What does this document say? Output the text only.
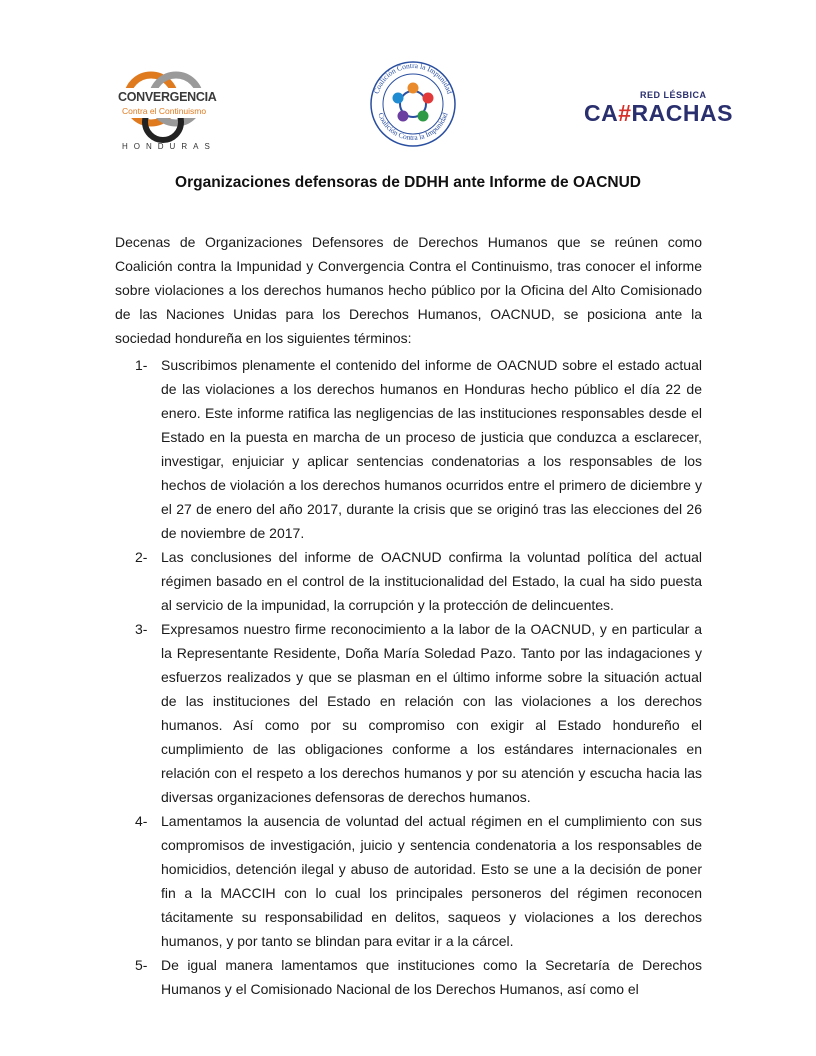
CONVERGENCIA
Contra el Continuismo
HONDURAS
Coalición Contra la Impunidad
Coalición Contra la Impunidad
RED LÉSBICA
CA#RACHAS
Organizaciones defensoras de DDHH ante Informe de OACNUD

Decenas de Organizaciones Defensores de Derechos Humanos que se reúnen como Coalición contra la Impunidad y Convergencia Contra el Continuismo, tras conocer el informe sobre violaciones a los derechos humanos hecho público por la Oficina del Alto Comisionado de las Naciones Unidas para los Derechos Humanos, OACNUD, se posiciona ante la sociedad hondureña en los siguientes términos:

1- Suscribimos plenamente el contenido del informe de OACNUD sobre el estado actual de las violaciones a los derechos humanos en Honduras hecho público el día 22 de enero. Este informe ratifica las negligencias de las instituciones responsables desde el Estado en la puesta en marcha de un proceso de justicia que conduzca a esclarecer, investigar, enjuiciar y aplicar sentencias condenatorias a los responsables de los hechos de violación a los derechos humanos ocurridos entre el primero de diciembre y el 27 de enero del año 2017, durante la crisis que se originó tras las elecciones del 26 de noviembre de 2017.
2- Las conclusiones del informe de OACNUD confirma la voluntad política del actual régimen basado en el control de la institucionalidad del Estado, la cual ha sido puesta al servicio de la impunidad, la corrupción y la protección de delincuentes.
3- Expresamos nuestro firme reconocimiento a la labor de la OACNUD, y en particular a la Representante Residente, Doña María Soledad Pazo. Tanto por las indagaciones y esfuerzos realizados y que se plasman en el último informe sobre la situación actual de las instituciones del Estado en relación con las violaciones a los derechos humanos. Así como por su compromiso con exigir al Estado hondureño el cumplimiento de las obligaciones conforme a los estándares internacionales en relación con el respeto a los derechos humanos y por su atención y escucha hacia las diversas organizaciones defensoras de derechos humanos.
4- Lamentamos la ausencia de voluntad del actual régimen en el cumplimiento con sus compromisos de investigación, juicio y sentencia condenatoria a los responsables de homicidios, detención ilegal y abuso de autoridad. Esto se une a la decisión de poner fin a la MACCIH con lo cual los principales personeros del régimen reconocen tácitamente su responsabilidad en delitos, saqueos y violaciones a los derechos humanos, y por tanto se blindan para evitar ir a la cárcel.
5- De igual manera lamentamos que instituciones como la Secretaría de Derechos Humanos y el Comisionado Nacional de los Derechos Humanos, así como el
